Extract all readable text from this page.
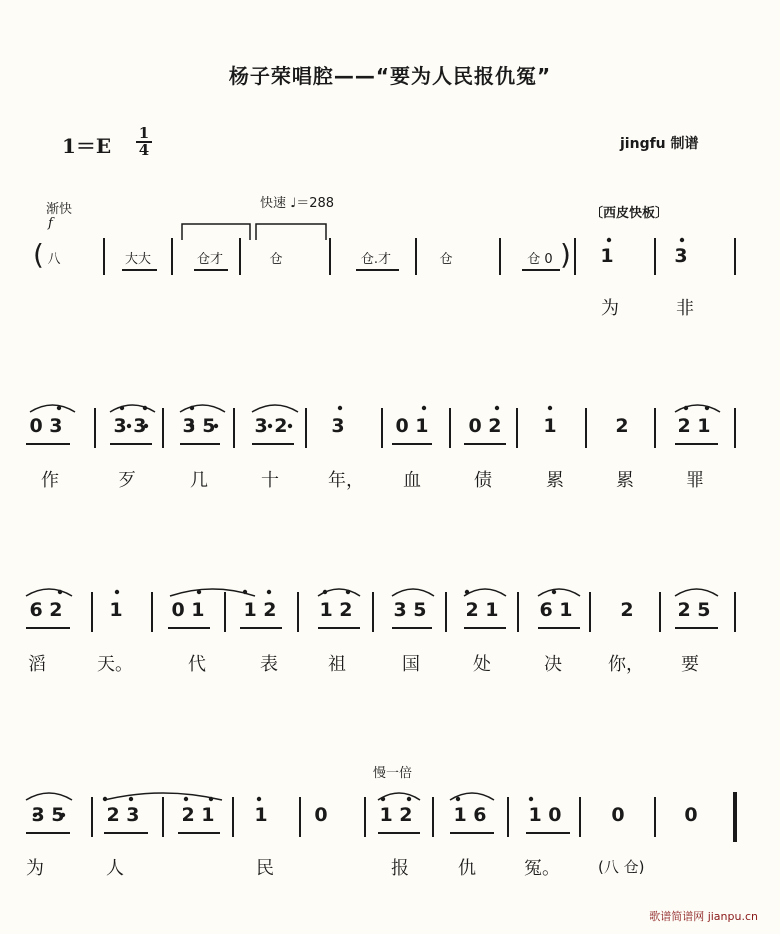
杨子荣唱腔——“要为人民报仇冤”
$1=E \frac{1}{4}$	jingfu 制谱
渐快
f
快速 ♩＝288
〔西皮快板〕
慢一倍
( 八	大大	仓才	仓	仓.才	仓	仓 0 )	1	3
为	非
0 3	3 3	3 5	3 2	3	0 1	0 2	1	2	2 1
作	歹	几	十	年，	血	债	累	累	罪
6 2	1	0 1	1 2	1 2	3 5	2 1	6 1	2	2 5
滔	天。	代	表	祖	国	处	决	你，	要
3 5	2 3	2 1	1	0	1 2	1 6	1 0	0	0
为	人	民	报	仇	冤。	(八 仓)
歌谱简谱网 jianpu.cn
